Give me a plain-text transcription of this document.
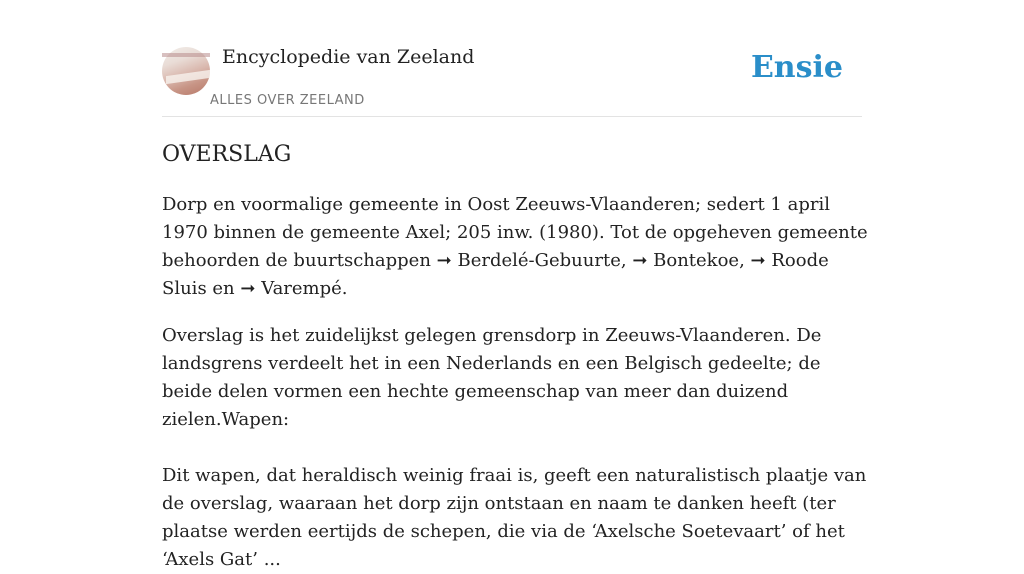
Encyclopedie van Zeeland
ALLES OVER ZEELAND
Ensie
OVERSLAG

Dorp en voormalige gemeente in Oost Zeeuws-Vlaanderen; sedert 1 april 1970 binnen de gemeente Axel; 205 inw. (1980). Tot de opgeheven gemeente behoorden de buurtschappen ➞ Berdelé-Gebuurte, ➞ Bontekoe, ➞ Roode Sluis en ➞ Varempé.

Overslag is het zuidelijkst gelegen grensdorp in Zeeuws-Vlaanderen. De landsgrens verdeelt het in een Nederlands en een Belgisch gedeelte; de beide delen vormen een hechte gemeenschap van meer dan duizend zielen.Wapen:

Dit wapen, dat heraldisch weinig fraai is, geeft een naturalistisch plaatje van de overslag, waaraan het dorp zijn ontstaan en naam te danken heeft (ter plaatse werden eertijds de schepen, die via de ‘Axelsche Soetevaart’ of het ‘Axels Gat’ ...
